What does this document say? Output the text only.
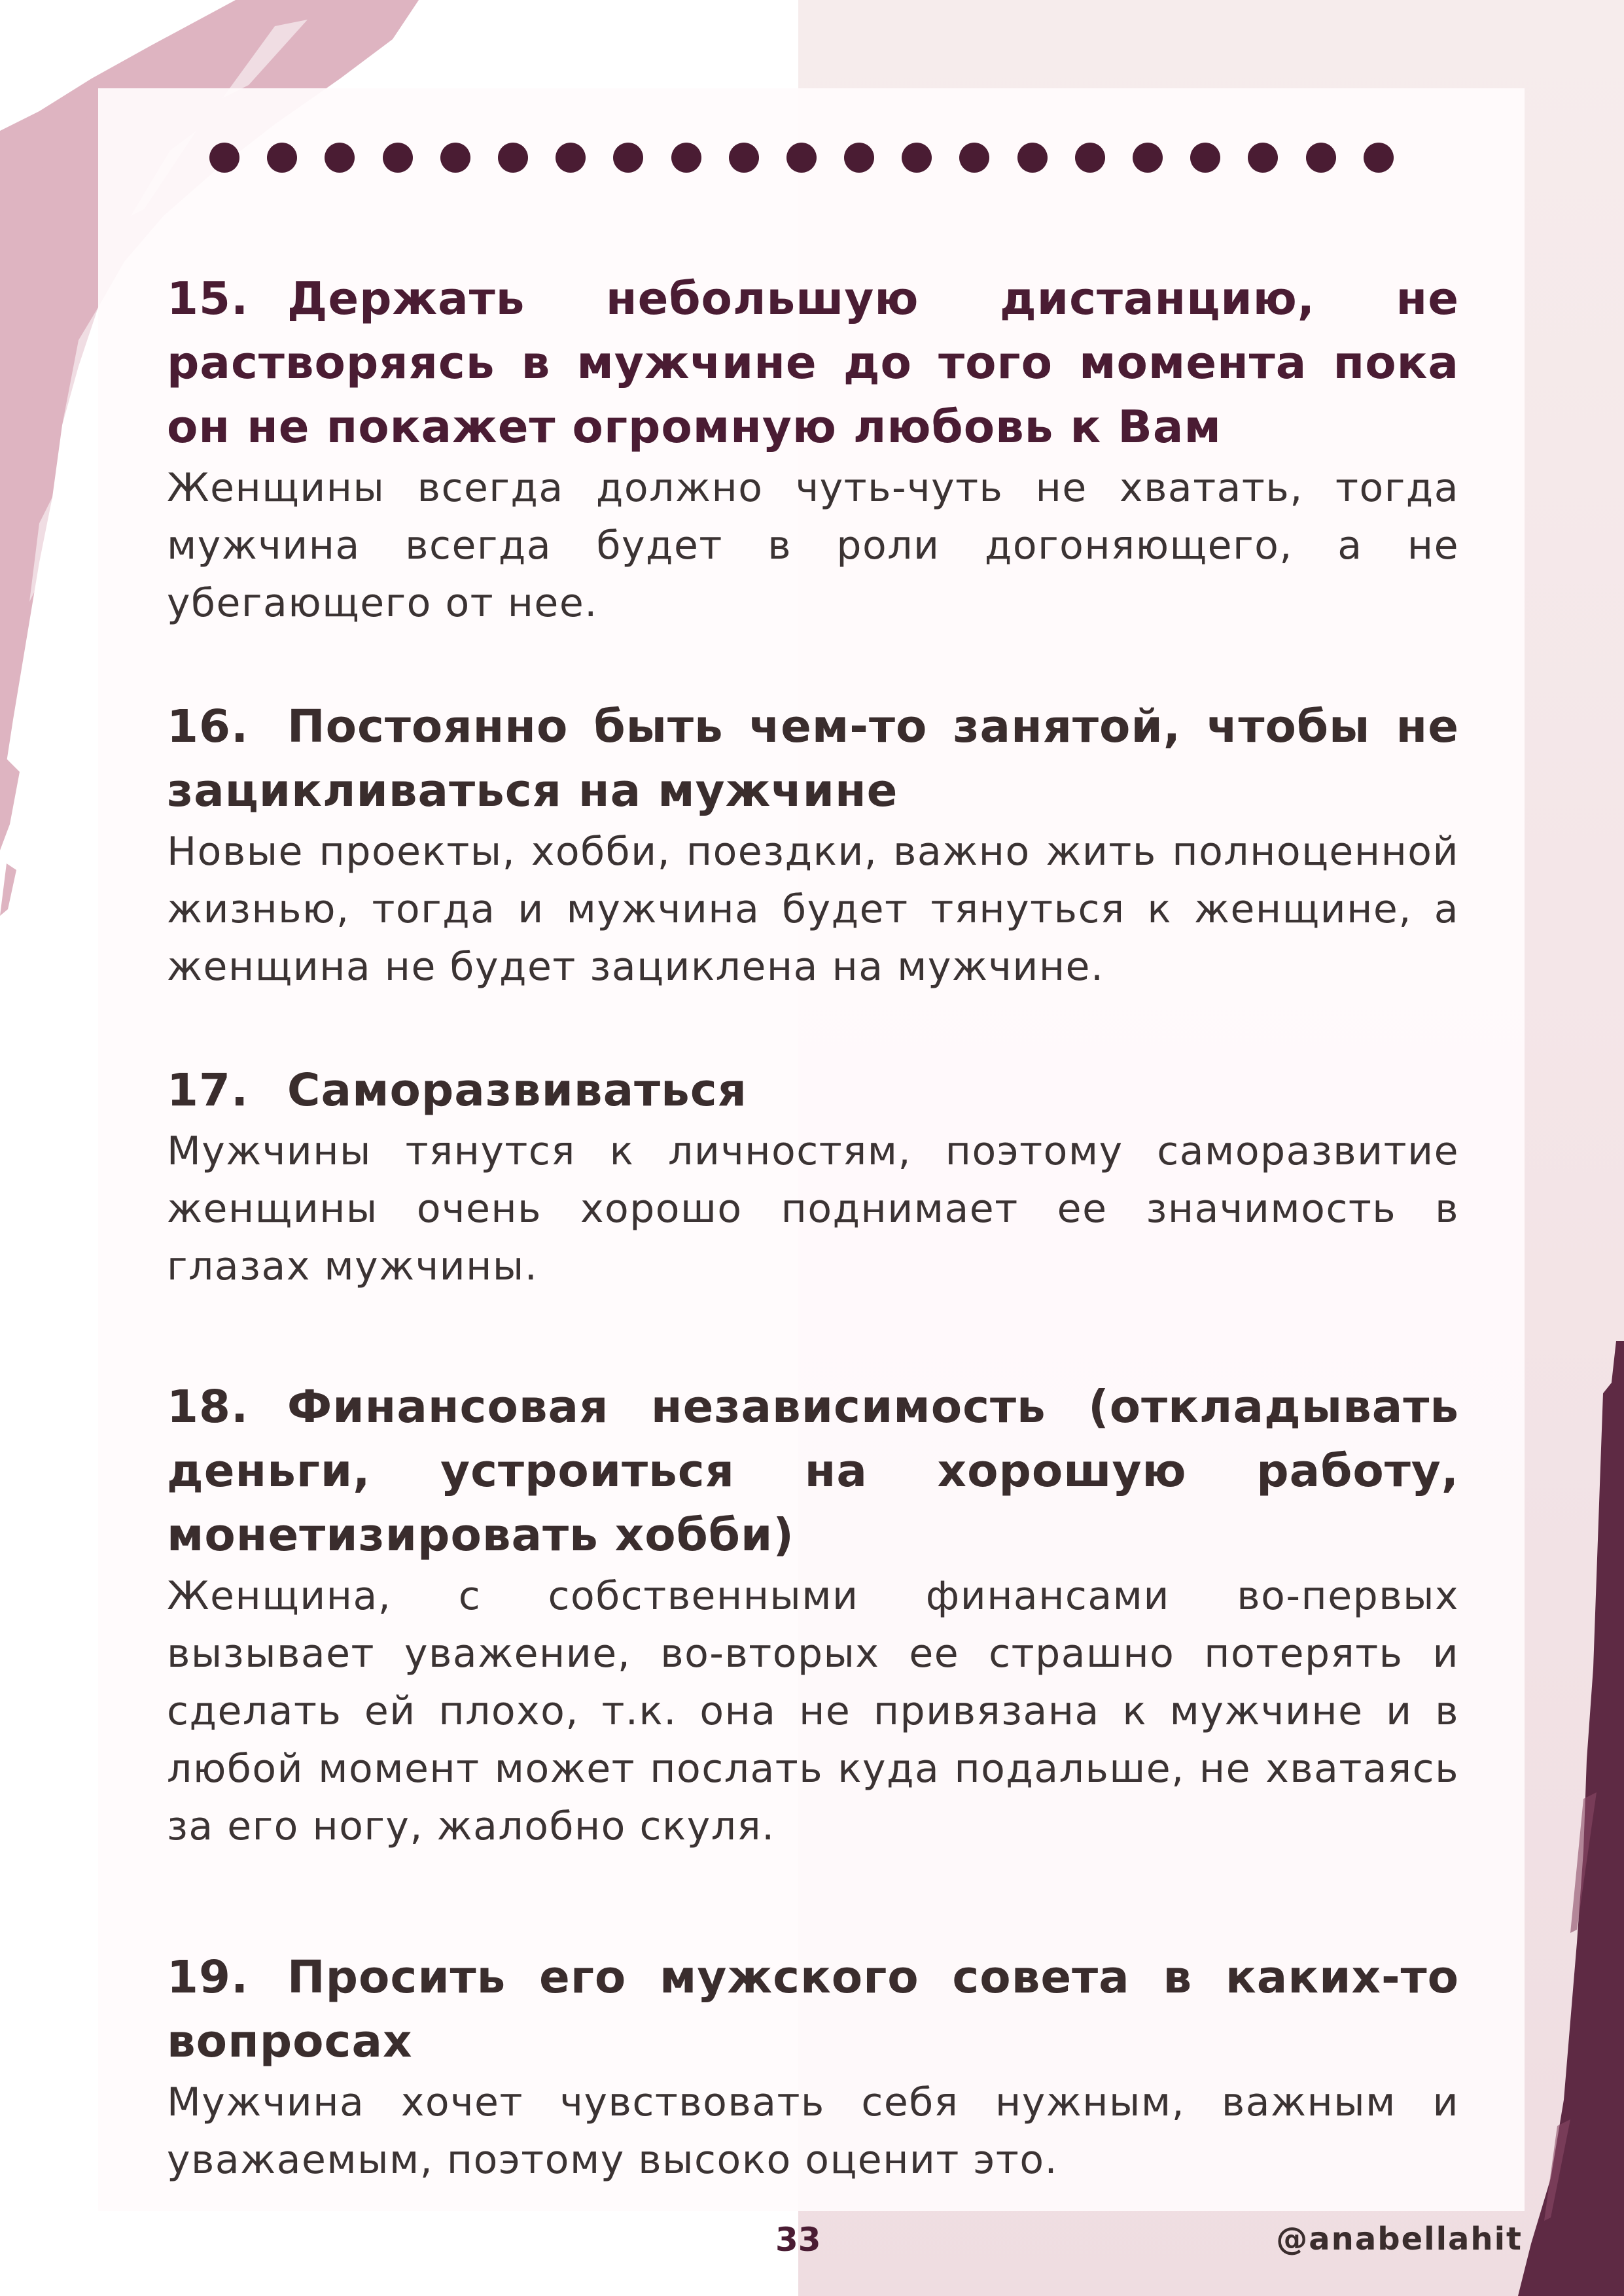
15. Держать небольшую дистанцию, не растворяясь в мужчине до того момента пока он не покажет огромную любовь к Вам

Женщины всегда должно чуть-чуть не хватать, тогда мужчина всегда будет в роли догоняющего, а не убегающего от нее.

16. Постоянно быть чем-то занятой, чтобы не зацикливаться на мужчине

Новые проекты, хобби, поездки, важно жить полноценной жизнью, тогда и мужчина будет тянуться к женщине, а женщина не будет зациклена на мужчине.

17. Саморазвиваться

Мужчины тянутся к личностям, поэтому саморазвитие женщины очень хорошо поднимает ее значимость в глазах мужчины.

18. Финансовая независимость (откладывать деньги, устроиться на хорошую работу, монетизировать хобби)

Женщина, с собственными финансами во-первых вызывает уважение, во-вторых ее страшно потерять и сделать ей плохо, т.к. она не привязана к мужчине и в любой момент может послать куда подальше, не хватаясь за его ногу, жалобно скуля.

19. Просить его мужского совета в каких-то вопросах

Мужчина хочет чувствовать себя нужным, важным и уважаемым, поэтому высоко оценит это.

33	@anabellahit
